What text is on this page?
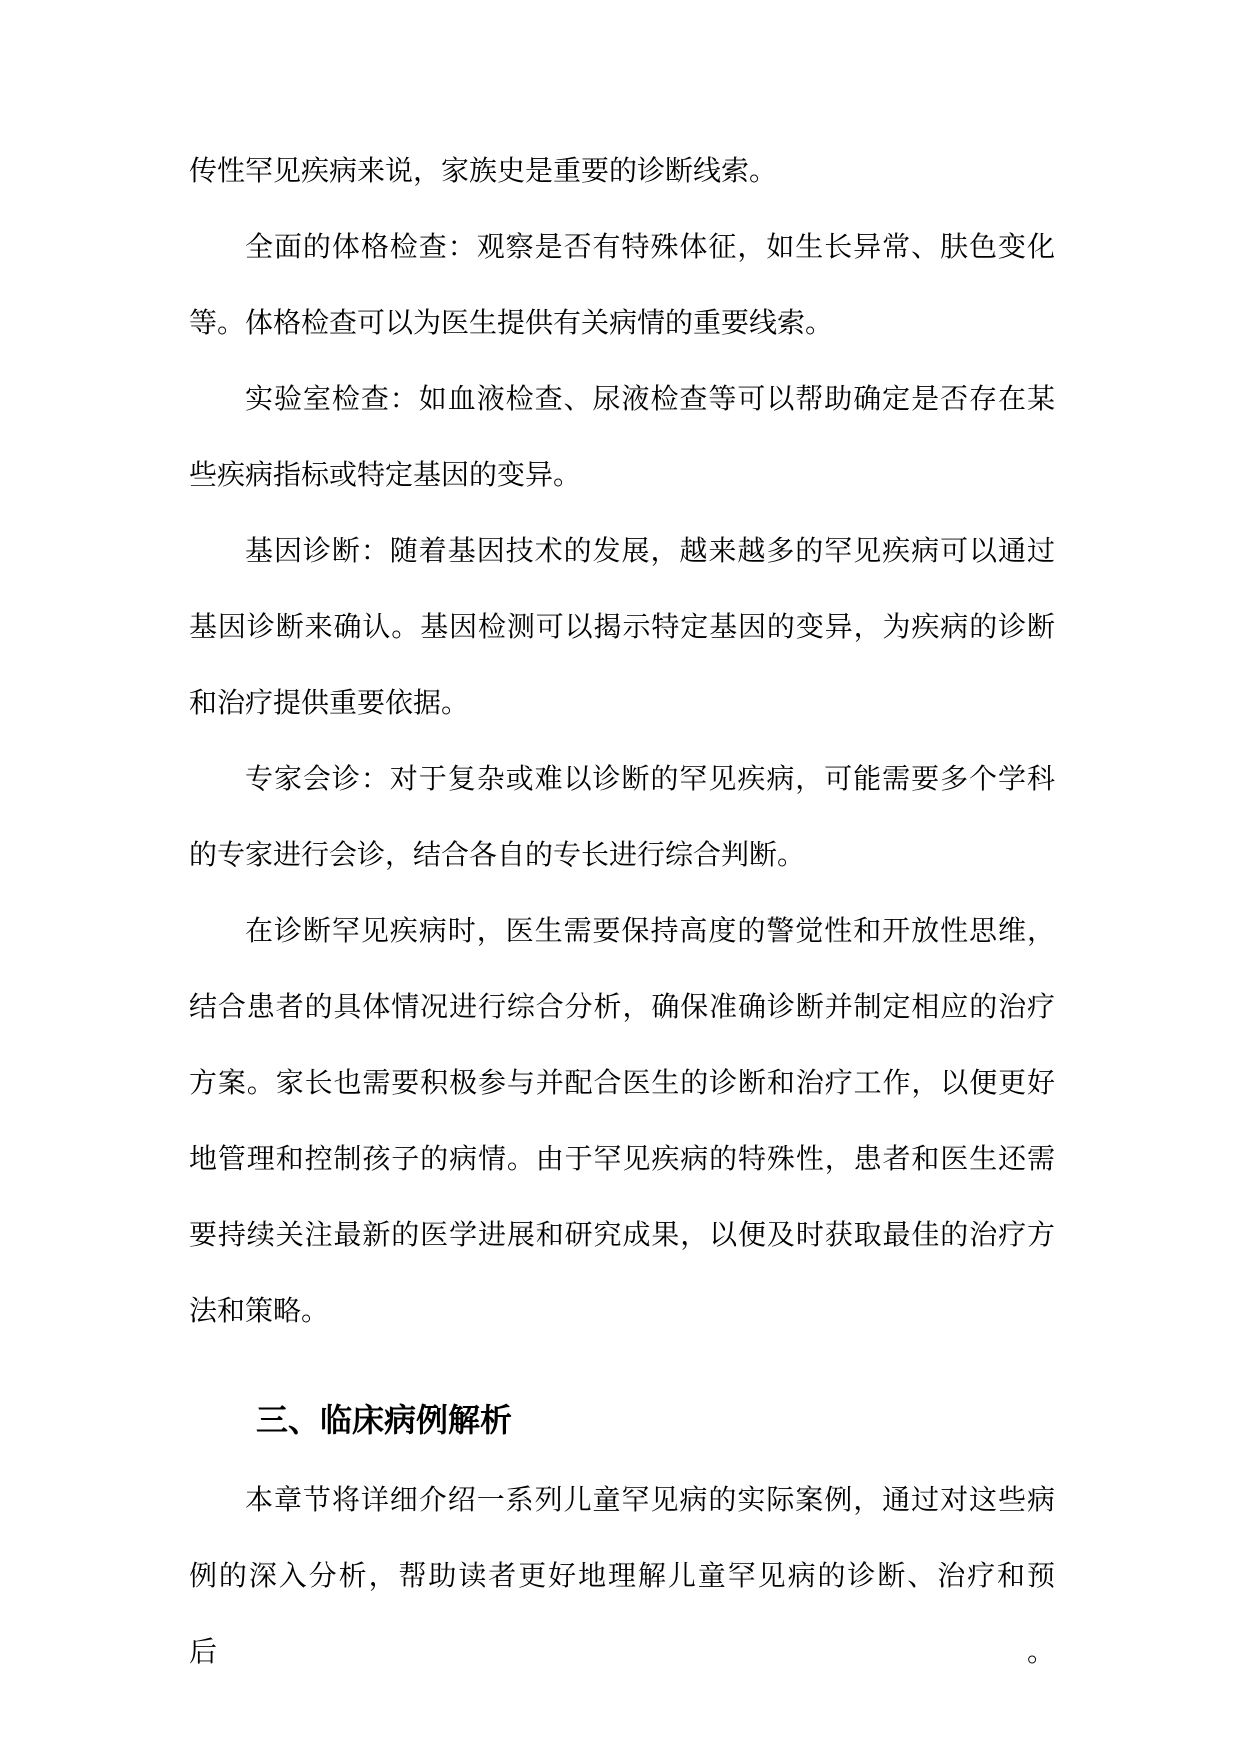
传性罕见疾病来说，家族史是重要的诊断线索。
全面的体格检查：观察是否有特殊体征，如生长异常、肤色变化
等。体格检查可以为医生提供有关病情的重要线索。
实验室检查：如血液检查、尿液检查等可以帮助确定是否存在某
些疾病指标或特定基因的变异。
基因诊断：随着基因技术的发展，越来越多的罕见疾病可以通过
基因诊断来确认。基因检测可以揭示特定基因的变异，为疾病的诊断
和治疗提供重要依据。
专家会诊：对于复杂或难以诊断的罕见疾病，可能需要多个学科
的专家进行会诊，结合各自的专长进行综合判断。
在诊断罕见疾病时，医生需要保持高度的警觉性和开放性思维，
结合患者的具体情况进行综合分析，确保准确诊断并制定相应的治疗
方案。家长也需要积极参与并配合医生的诊断和治疗工作，以便更好
地管理和控制孩子的病情。由于罕见疾病的特殊性，患者和医生还需
要持续关注最新的医学进展和研究成果，以便及时获取最佳的治疗方
法和策略。
三、临床病例解析
本章节将详细介绍一系列儿童罕见病的实际案例，通过对这些病
例的深入分析，帮助读者更好地理解儿童罕见病的诊断、治疗和预后。
